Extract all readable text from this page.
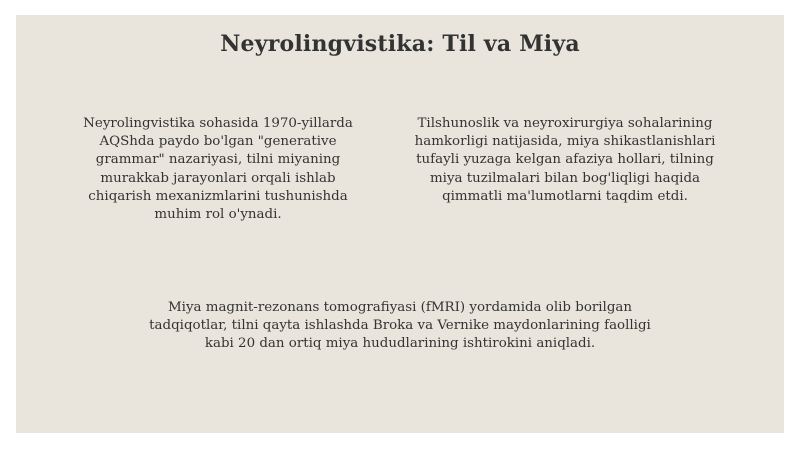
Neyrolingvistika: Til va Miya
Neyrolingvistika sohasida 1970-yillarda AQShda paydo bo'lgan "generative grammar" nazariyasi, tilni miyaning murakkab jarayonlari orqali ishlab chiqarish mexanizmlarini tushunishda muhim rol o'ynadi.
Tilshunoslik va neyroxirurgiya sohalarining hamkorligi natijasida, miya shikastlanishlari tufayli yuzaga kelgan afaziya hollari, tilning miya tuzilmalari bilan bog'liqligi haqida qimmatli ma'lumotlarni taqdim etdi.
Miya magnit-rezonans tomografiyasi (fMRI) yordamida olib borilgan tadqiqotlar, tilni qayta ishlashda Broka va Vernike maydonlarining faolligi kabi 20 dan ortiq miya hududlarining ishtirokini aniqladi.
